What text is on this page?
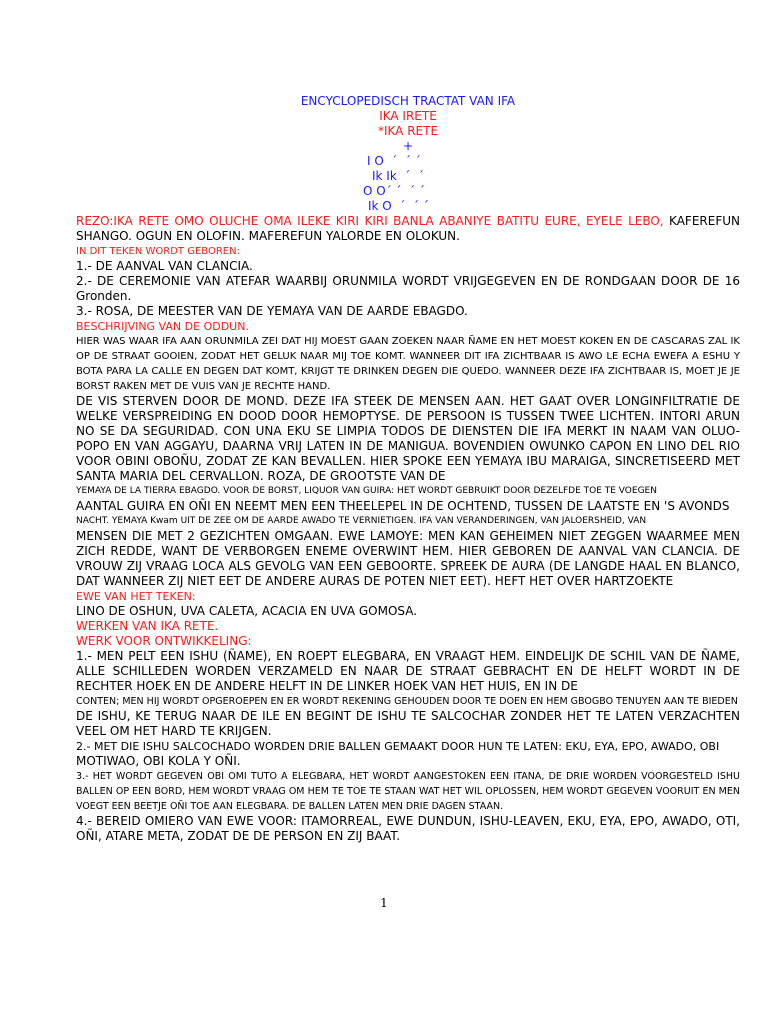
ENCYCLOPEDISCH TRACTAT VAN IFA
IKA IRETE
*IKA RETE
+
I O  ´  ´ ´
Ik Ik  ´  ´
O O´ ´  ´ ´
Ik O  ´  ´ ´

REZO:IKA RETE OMO OLUCHE OMA ILEKE KIRI KIRI BANLA ABANIYE BATITU EURE, EYELE LEBO, KAFEREFUN SHANGO. OGUN EN OLOFIN. MAFEREFUN YALORDE EN OLOKUN.

IN DIT TEKEN WORDT GEBOREN:

1.- DE AANVAL VAN CLANCIA.

2.- DE CEREMONIE VAN ATEFAR WAARBIJ ORUNMILA WORDT VRIJGEGEVEN EN DE RONDGAAN DOOR DE 16 Gronden.

3.- ROSA, DE MEESTER VAN DE YEMAYA VAN DE AARDE EBAGDO.

BESCHRIJVING VAN DE ODDUN.

HIER WAS WAAR IFA AAN ORUNMILA ZEI DAT HIJ MOEST GAAN ZOEKEN NAAR ÑAME EN HET MOEST KOKEN EN DE CASCARAS ZAL IK OP DE STRAAT GOOIEN, ZODAT HET GELUK NAAR MIJ TOE KOMT. WANNEER DIT IFA ZICHTBAAR IS AWO LE ECHA EWEFA A ESHU Y BOTA PARA LA CALLE EN DEGEN DAT KOMT, KRIJGT TE DRINKEN DEGEN DIE QUEDO. WANNEER DEZE IFA ZICHTBAAR IS, MOET JE JE BORST RAKEN MET DE VUIS VAN JE RECHTE HAND.

DE VIS STERVEN DOOR DE MOND. DEZE IFA STEEK DE MENSEN AAN. HET GAAT OVER LONGINFILTRATIE DE WELKE VERSPREIDING EN DOOD DOOR HEMOPTYSE. DE PERSOON IS TUSSEN TWEE LICHTEN. INTORI ARUN NO SE DA SEGURIDAD. CON UNA EKU SE LIMPIA TODOS DE DIENSTEN DIE IFA MERKT IN NAAM VAN OLUO-POPO EN VAN AGGAYU, DAARNA VRIJ LATEN IN DE MANIGUA. BOVENDIEN OWUNKO CAPON EN LINO DEL RIO VOOR OBINI OBOÑU, ZODAT ZE KAN BEVALLEN. HIER SPOKE EEN YEMAYA IBU MARAIGA, SINCRETISEERD MET SANTA MARIA DEL CERVALLON. ROZA, DE GROOTSTE VAN DE

YEMAYA DE LA TIERRA EBAGDO. VOOR DE BORST, LIQUOR VAN GUIRA: HET WORDT GEBRUIKT DOOR DEZELFDE TOE TE VOEGEN

AANTAL GUIRA EN OÑI EN NEEMT MEN EEN THEELEPEL IN DE OCHTEND, TUSSEN DE LAATSTE EN 'S AVONDS

NACHT. YEMAYA Kwam UIT DE ZEE OM DE AARDE AWADO TE VERNIETIGEN. IFA VAN VERANDERINGEN, VAN JALOERSHEID, VAN

MENSEN DIE MET 2 GEZICHTEN OMGAAN. EWE LAMOYE: MEN KAN GEHEIMEN NIET ZEGGEN WAARMEE MEN ZICH REDDE, WANT DE VERBORGEN ENEME OVERWINT HEM. HIER GEBOREN DE AANVAL VAN CLANCIA. DE VROUW ZIJ VRAAG LOCA ALS GEVOLG VAN EEN GEBOORTE. SPREEK DE AURA (DE LANGDE HAAL EN BLANCO, DAT WANNEER ZIJ NIET EET DE ANDERE AURAS DE POTEN NIET EET). HEFT HET OVER HARTZOEKTE

EWE VAN HET TEKEN:

LINO DE OSHUN, UVA CALETA, ACACIA EN UVA GOMOSA.

WERKEN VAN IKA RETE.

WERK VOOR ONTWIKKELING:

1.- MEN PELT EEN ISHU (ÑAME), EN ROEPT ELEGBARA, EN VRAAGT HEM. EINDELIJK DE SCHIL VAN DE ÑAME, ALLE SCHILLEDEN WORDEN VERZAMELD EN NAAR DE STRAAT GEBRACHT EN DE HELFT WORDT IN DE RECHTER HOEK EN DE ANDERE HELFT IN DE LINKER HOEK VAN HET HUIS, EN IN DE

CONTEN; MEN HIJ WORDT OPGEROEPEN EN ER WORDT REKENING GEHOUDEN DOOR TE DOEN EN HEM GBOGBO TENUYEN AAN TE BIEDEN

DE ISHU, KE TERUG NAAR DE ILE EN BEGINT DE ISHU TE SALCOCHAR ZONDER HET TE LATEN VERZACHTEN VEEL OM HET HARD TE KRIJGEN.

2.- MET DIE ISHU SALCOCHADO WORDEN DRIE BALLEN GEMAAKT DOOR HUN TE LATEN: EKU, EYA, EPO, AWADO, OBI

MOTIWAO, OBI KOLA Y OÑI.

3.- HET WORDT GEGEVEN OBI OMI TUTO A ELEGBARA, HET WORDT AANGESTOKEN EEN ITANA, DE DRIE WORDEN VOORGESTELD ISHU BALLEN OP EEN BORD, HEM WORDT VRAAG OM HEM TE TOE TE STAAN WAT HET WIL OPLOSSEN, HEM WORDT GEGEVEN VOORUIT EN MEN VOEGT EEN BEETJE OÑI TOE AAN ELEGBARA. DE BALLEN LATEN MEN DRIE DAGEN STAAN.

4.- BEREID OMIERO VAN EWE VOOR: ITAMORREAL, EWE DUNDUN, ISHU-LEAVEN, EKU, EYA, EPO, AWADO, OTI, OÑI, ATARE META, ZODAT DE DE PERSON EN ZIJ BAAT.

1
